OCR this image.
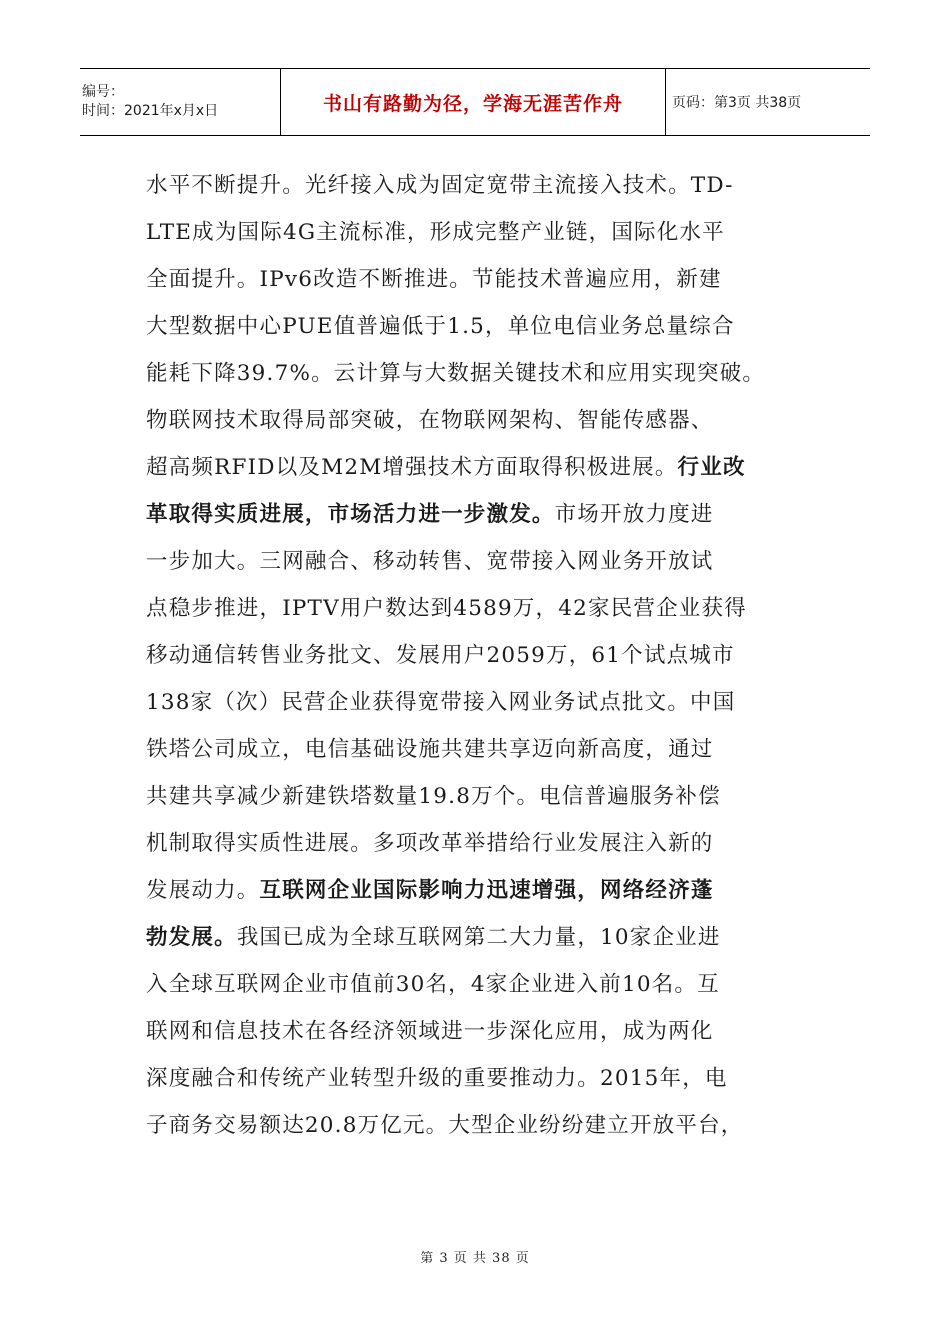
编号：
时间：2021年x月x日	书山有路勤为径，学海无涯苦作舟	页码：第3页 共38页
水平不断提升。光纤接入成为固定宽带主流接入技术。TD-
LTE成为国际4G主流标准，形成完整产业链，国际化水平
全面提升。IPv6改造不断推进。节能技术普遍应用，新建
大型数据中心PUE值普遍低于1.5，单位电信业务总量综合
能耗下降39.7%。云计算与大数据关键技术和应用实现突破。
物联网技术取得局部突破，在物联网架构、智能传感器、
超高频RFID以及M2M增强技术方面取得积极进展。行业改
革取得实质进展，市场活力进一步激发。市场开放力度进
一步加大。三网融合、移动转售、宽带接入网业务开放试
点稳步推进，IPTV用户数达到4589万，42家民营企业获得
移动通信转售业务批文、发展用户2059万，61个试点城市
138家（次）民营企业获得宽带接入网业务试点批文。中国
铁塔公司成立，电信基础设施共建共享迈向新高度，通过
共建共享减少新建铁塔数量19.8万个。电信普遍服务补偿
机制取得实质性进展。多项改革举措给行业发展注入新的
发展动力。互联网企业国际影响力迅速增强，网络经济蓬
勃发展。我国已成为全球互联网第二大力量，10家企业进
入全球互联网企业市值前30名，4家企业进入前10名。互
联网和信息技术在各经济领域进一步深化应用，成为两化
深度融合和传统产业转型升级的重要推动力。2015年，电
子商务交易额达20.8万亿元。大型企业纷纷建立开放平台，
第 3 页 共 38 页
